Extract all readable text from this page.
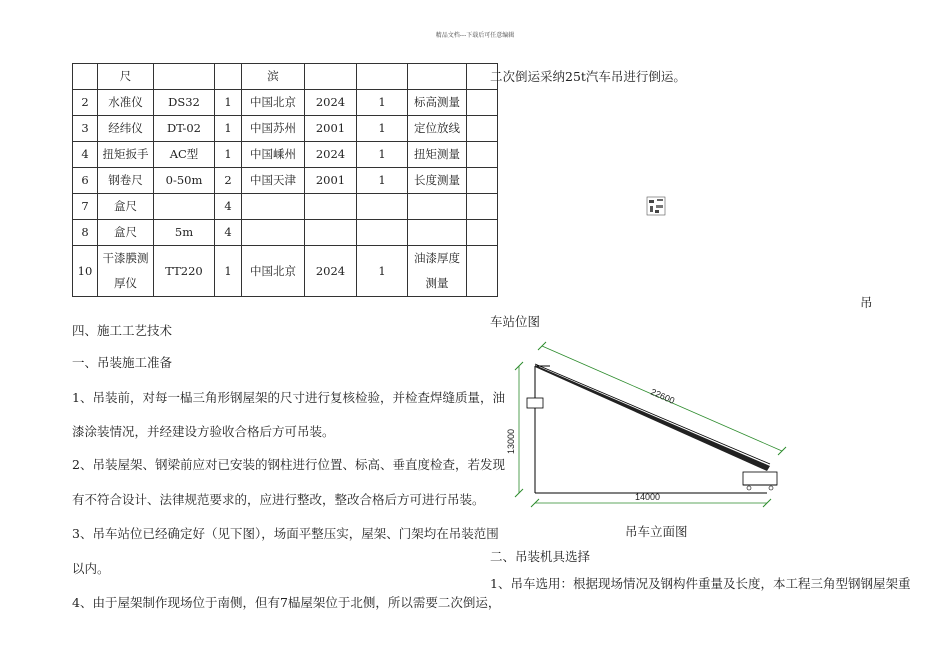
精品文档---下载后可任意编辑
	尺			滨				
2	水准仪	DS32	1	中国北京	2024	1	标高测量	
3	经纬仪	DT-02	1	中国苏州	2001	1	定位放线	
4	扭矩扳手	AC型	1	中国嵊州	2024	1	扭矩测量	
6	钢卷尺	0-50m	2	中国天津	2001	1	长度测量	
7	盒尺		4					
8	盒尺	5m	4					
10	干漆膜测厚仪	TT220	1	中国北京	2024	1	油漆厚度测量	
四、施工工艺技术
一、吊装施工准备
1、吊装前，对每一榀三角形钢屋架的尺寸进行复核检验，并检查焊缝质量，油
漆涂装情况，并经建设方验收合格后方可吊装。
2、吊装屋架、钢梁前应对已安装的钢柱进行位置、标高、垂直度检查，若发现
有不符合设计、法律规范要求的，应进行整改，整改合格后方可进行吊装。
3、吊车站位已经确定好（见下图），场面平整压实，屋架、门架均在吊装范围
以内。
4、由于屋架制作现场位于南侧，但有7榀屋架位于北侧，所以需要二次倒运，
二次倒运采纳25t汽车吊进行倒运。
吊
车站位图
22600
13000
14000
吊车立面图
二、吊装机具选择
1、吊车选用：根据现场情况及钢构件重量及长度，本工程三角型钢钢屋架重
